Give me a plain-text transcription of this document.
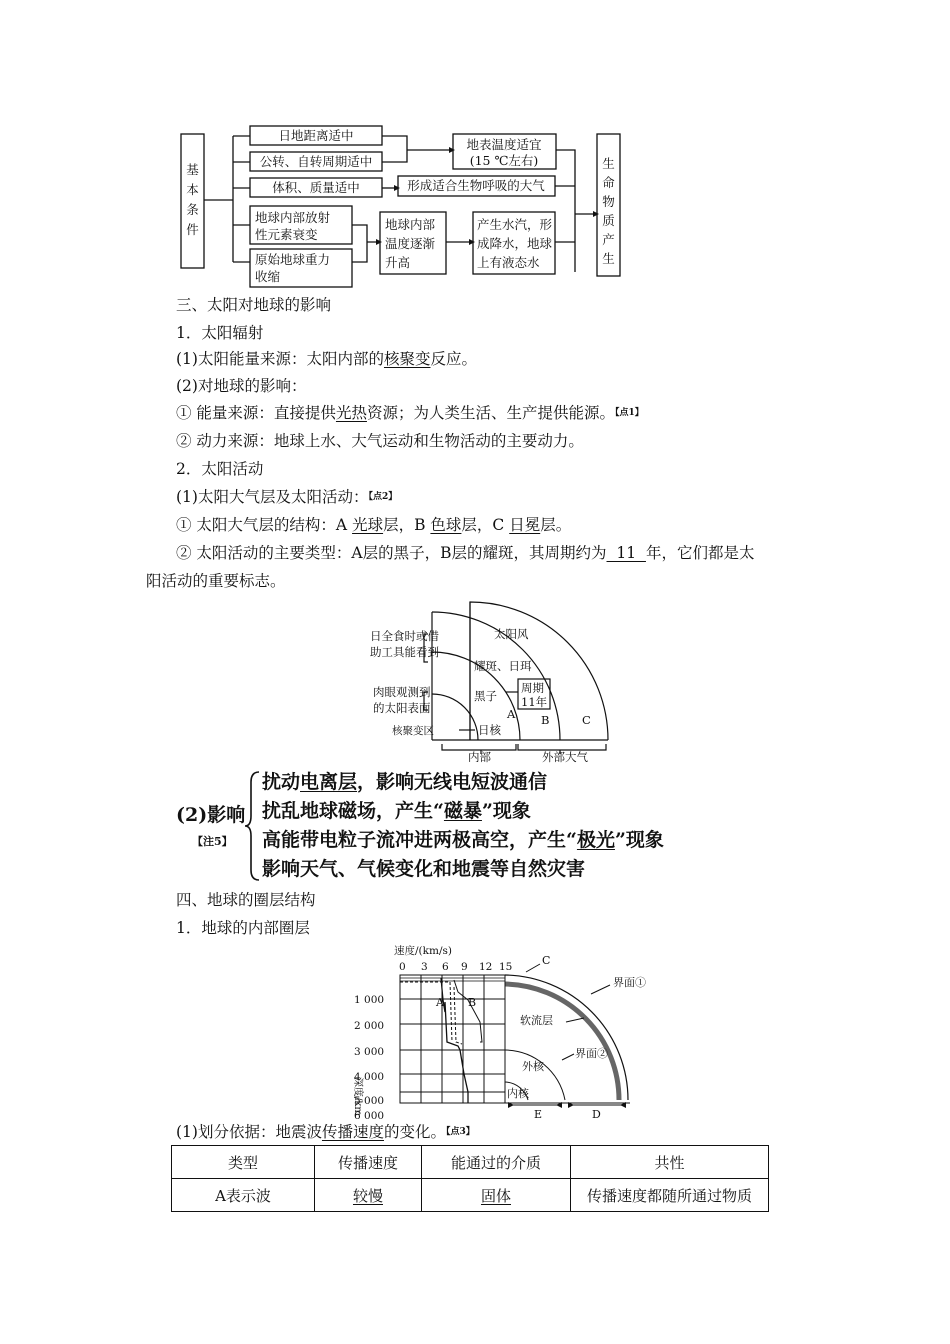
基
本
条
件
日地距离适中
公转、自转周期适中
体积、质量适中
地球内部放射
性元素衰变
原始地球重力
收缩
地表温度适宜
(15 ℃左右)
形成适合生物呼吸的大气
地球内部
温度逐渐
升高
产生水汽，形
成降水，地球
上有液态水
生
命
物
质
产
生
三、太阳对地球的影响
1．太阳辐射
(1)太阳能量来源：太阳内部的核聚变反应。
(2)对地球的影响：
① 能量来源：直接提供光热资源；为人类生活、生产提供能源。$^{【点1】}$
② 动力来源：地球上水、大气运动和生物活动的主要动力。
2．太阳活动
(1)太阳大气层及太阳活动：$^{【点2】}$
① 太阳大气层的结构：A 光球层，B 色球层，C 日冕层。
② 太阳活动的主要类型：A层的黑子，B层的耀斑，其周期约为  11  年，它们都是太
阳活动的重要标志。
日全食时或借
助工具能看到
肉眼观测到
的太阳表面
核聚变区	日核
太阳风
耀斑、日珥
黑子
周期
11年
A B	C
内部	外部大气
(2)影响
【注5】
扰动电离层，影响无线电短波通信
扰乱地球磁场，产生“磁暴”现象
高能带电粒子流冲进两极高空，产生“极光”现象
影响天气、气候变化和地震等自然灾害
四、地球的圈层结构
1．地球的内部圈层
速度/(km/s)
0 3 6 9 12 15
1 000
2 000
3 000
4 000
5 000
6 000
深度/km
A B
C
界面①
软流层
界面②
外核
内核
E	D
(1)划分依据：地震波传播速度的变化。$^{【点3】}$
类型	传播速度	能通过的介质	共性
A表示波	较慢	固体	传播速度都随所通过物质
